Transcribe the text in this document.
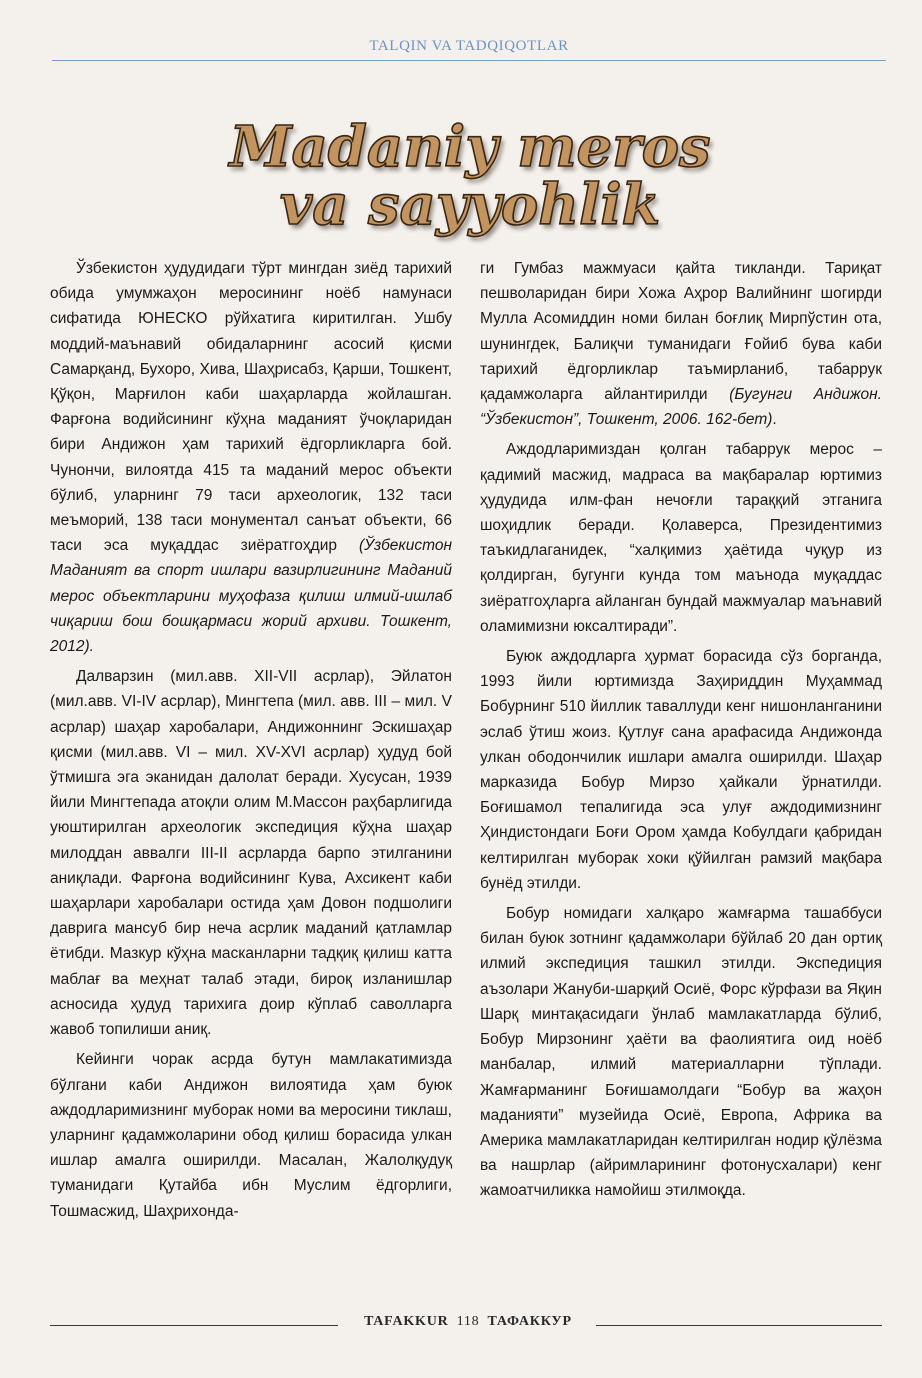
TALQIN VA TADQIQOTLAR
Madaniy meros
va sayyohlik

Ўзбекистон ҳудудидаги тўрт мингдан зиёд тарихий обида умумжаҳон меросининг ноёб намунаси сифатида ЮНЕСКО рўйхатига киритилган. Ушбу моддий-маънавий обидаларнинг асосий қисми Самарқанд, Бухоро, Хива, Шаҳрисабз, Қарши, Тошкент, Қўқон, Марғилон каби шаҳарларда жойлашган. Фарғона водийсининг кўҳна маданият ўчоқларидан бири Андижон ҳам тарихий ёдгорликларга бой. Чунончи, вилоятда 415 та маданий мерос объекти бўлиб, уларнинг 79 таси археологик, 132 таси меъморий, 138 таси монументал санъат объекти, 66 таси эса муқаддас зиёратгоҳдир (Ўзбекистон Маданият ва спорт ишлари вазирлигининг Маданий мерос объектларини муҳофаза қилиш илмий-ишлаб чиқариш бош бошқармаси жорий архиви. Тошкент, 2012).

Далварзин (мил.авв. XII-VII асрлар), Эйлатон (мил.авв. VI-IV асрлар), Мингтепа (мил. авв. III – мил. V асрлар) шаҳар харобалари, Андижоннинг Эскишаҳар қисми (мил.авв. VI – мил. XV-XVI асрлар) ҳудуд бой ўтмишга эга эканидан далолат беради. Хусусан, 1939 йили Мингтепада атоқли олим М.Массон раҳбарлигида уюштирилган археологик экспедиция кўҳна шаҳар милоддан аввалги III-II асрларда барпо этилганини аниқлади. Фарғона водийсининг Кува, Ахсикент каби шаҳарлари харобалари остида ҳам Довон подшолиги даврига мансуб бир неча асрлик маданий қатламлар ётибди. Мазкур кўҳна масканларни тадқиқ қилиш катта маблағ ва меҳнат талаб этади, бироқ изланишлар асносида ҳудуд тарихига доир кўплаб саволларга жавоб топилиши аниқ.

Кейинги чорак асрда бутун мамлакатимизда бўлгани каби Андижон вилоятида ҳам буюк аждодларимизнинг муборак номи ва меросини тиклаш, уларнинг қадамжоларини обод қилиш борасида улкан ишлар амалга оширилди. Масалан, Жалолқудуқ туманидаги Қутайба ибн Муслим ёдгорлиги, Тошмасжид, Шаҳрихонда-

ги Гумбаз мажмуаси қайта тикланди. Тариқат пешволаридан бири Хожа Аҳрор Валийнинг шогирди Мулла Асомиддин номи билан боғлиқ Мирпўстин ота, шунингдек, Балиқчи туманидаги Ғойиб бува каби тарихий ёдгорликлар таъмирланиб, табаррук қадамжоларга айлантирилди (Бугунги Андижон. “Ўзбекистон”, Тошкент, 2006. 162-бет).

Аждодларимиздан қолган табаррук мерос – қадимий масжид, мадраса ва мақбаралар юртимиз ҳудудида илм-фан нечоғли тараққий этганига шоҳидлик беради. Қолаверса, Президентимиз таъкидлаганидек, “халқимиз ҳаётида чуқур из қолдирган, бугунги кунда том маънода муқаддас зиёратгоҳларга айланган бундай мажмуалар маънавий оламимизни юксалтиради”.

Буюк аждодларга ҳурмат борасида сўз борганда, 1993 йили юртимизда Заҳириддин Муҳаммад Бобурнинг 510 йиллик таваллуди кенг нишонланганини эслаб ўтиш жоиз. Қутлуғ сана арафасида Андижонда улкан ободончилик ишлари амалга оширилди. Шаҳар марказида Бобур Мирзо ҳайкали ўрнатилди. Боғишамол тепалигида эса улуғ аждодимизнинг Ҳиндистондаги Боғи Ором ҳамда Кобулдаги қабридан келтирилган муборак хоки қўйилган рамзий мақбара бунёд этилди.

Бобур номидаги халқаро жамғарма ташаббуси билан буюк зотнинг қадамжолари бўйлаб 20 дан ортиқ илмий экспедиция ташкил этилди. Экспедиция аъзолари Жануби-шарқий Осиё, Форс кўрфази ва Яқин Шарқ минтақасидаги ўнлаб мамлакатларда бўлиб, Бобур Мирзонинг ҳаёти ва фаолиятига оид ноёб манбалар, илмий материалларни тўплади. Жамғарманинг Боғишамолдаги “Бобур ва жаҳон маданияти” музейида Осиё, Европа, Африка ва Америка мамлакатларидан келтирилган нодир қўлёзма ва нашрлар (айримларининг фотонусхалари) кенг жамоатчиликка намойиш этилмоқда.

TAFAKKUR 118 ТАФАККУР
